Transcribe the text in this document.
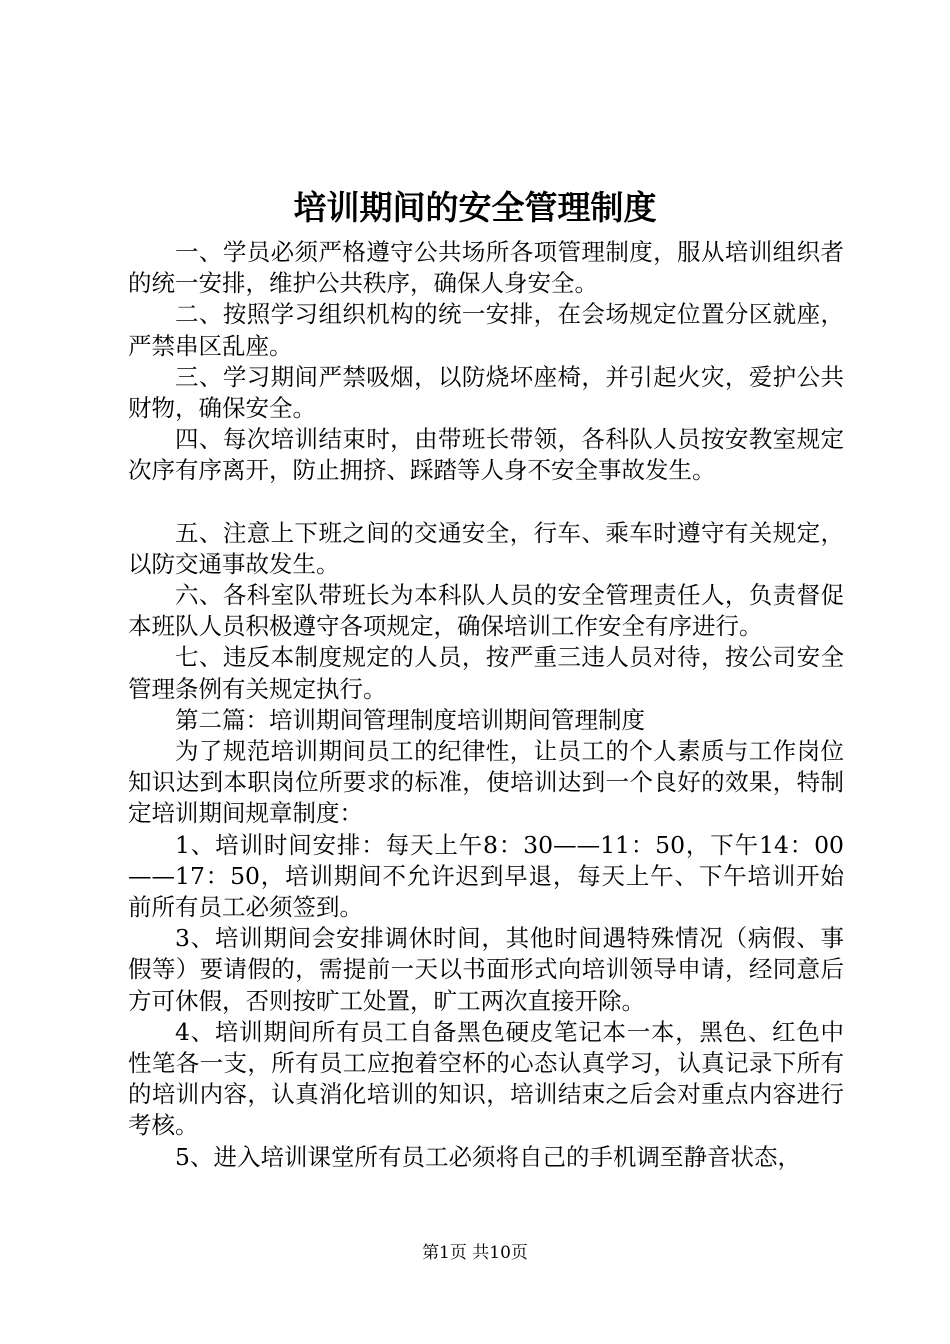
培训期间的安全管理制度

一、学员必须严格遵守公共场所各项管理制度，服从培训组织者的统一安排，维护公共秩序，确保人身安全。

二、按照学习组织机构的统一安排，在会场规定位置分区就座，严禁串区乱座。

三、学习期间严禁吸烟，以防烧坏座椅，并引起火灾，爱护公共财物，确保安全。

四、每次培训结束时，由带班长带领，各科队人员按安教室规定次序有序离开，防止拥挤、踩踏等人身不安全事故发生。

五、注意上下班之间的交通安全，行车、乘车时遵守有关规定，以防交通事故发生。

六、各科室队带班长为本科队人员的安全管理责任人，负责督促本班队人员积极遵守各项规定，确保培训工作安全有序进行。

七、违反本制度规定的人员，按严重三违人员对待，按公司安全管理条例有关规定执行。

第二篇：培训期间管理制度培训期间管理制度

为了规范培训期间员工的纪律性，让员工的个人素质与工作岗位知识达到本职岗位所要求的标准，使培训达到一个良好的效果，特制定培训期间规章制度：

1、培训时间安排：每天上午8：30——11：50，下午14：00——17：50，培训期间不允许迟到早退，每天上午、下午培训开始前所有员工必须签到。

3、培训期间会安排调休时间，其他时间遇特殊情况（病假、事假等）要请假的，需提前一天以书面形式向培训领导申请，经同意后方可休假，否则按旷工处置，旷工两次直接开除。

4、培训期间所有员工自备黑色硬皮笔记本一本，黑色、红色中性笔各一支，所有员工应抱着空杯的心态认真学习，认真记录下所有的培训内容，认真消化培训的知识，培训结束之后会对重点内容进行考核。

5、进入培训课堂所有员工必须将自己的手机调至静音状态，

第1页 共10页
